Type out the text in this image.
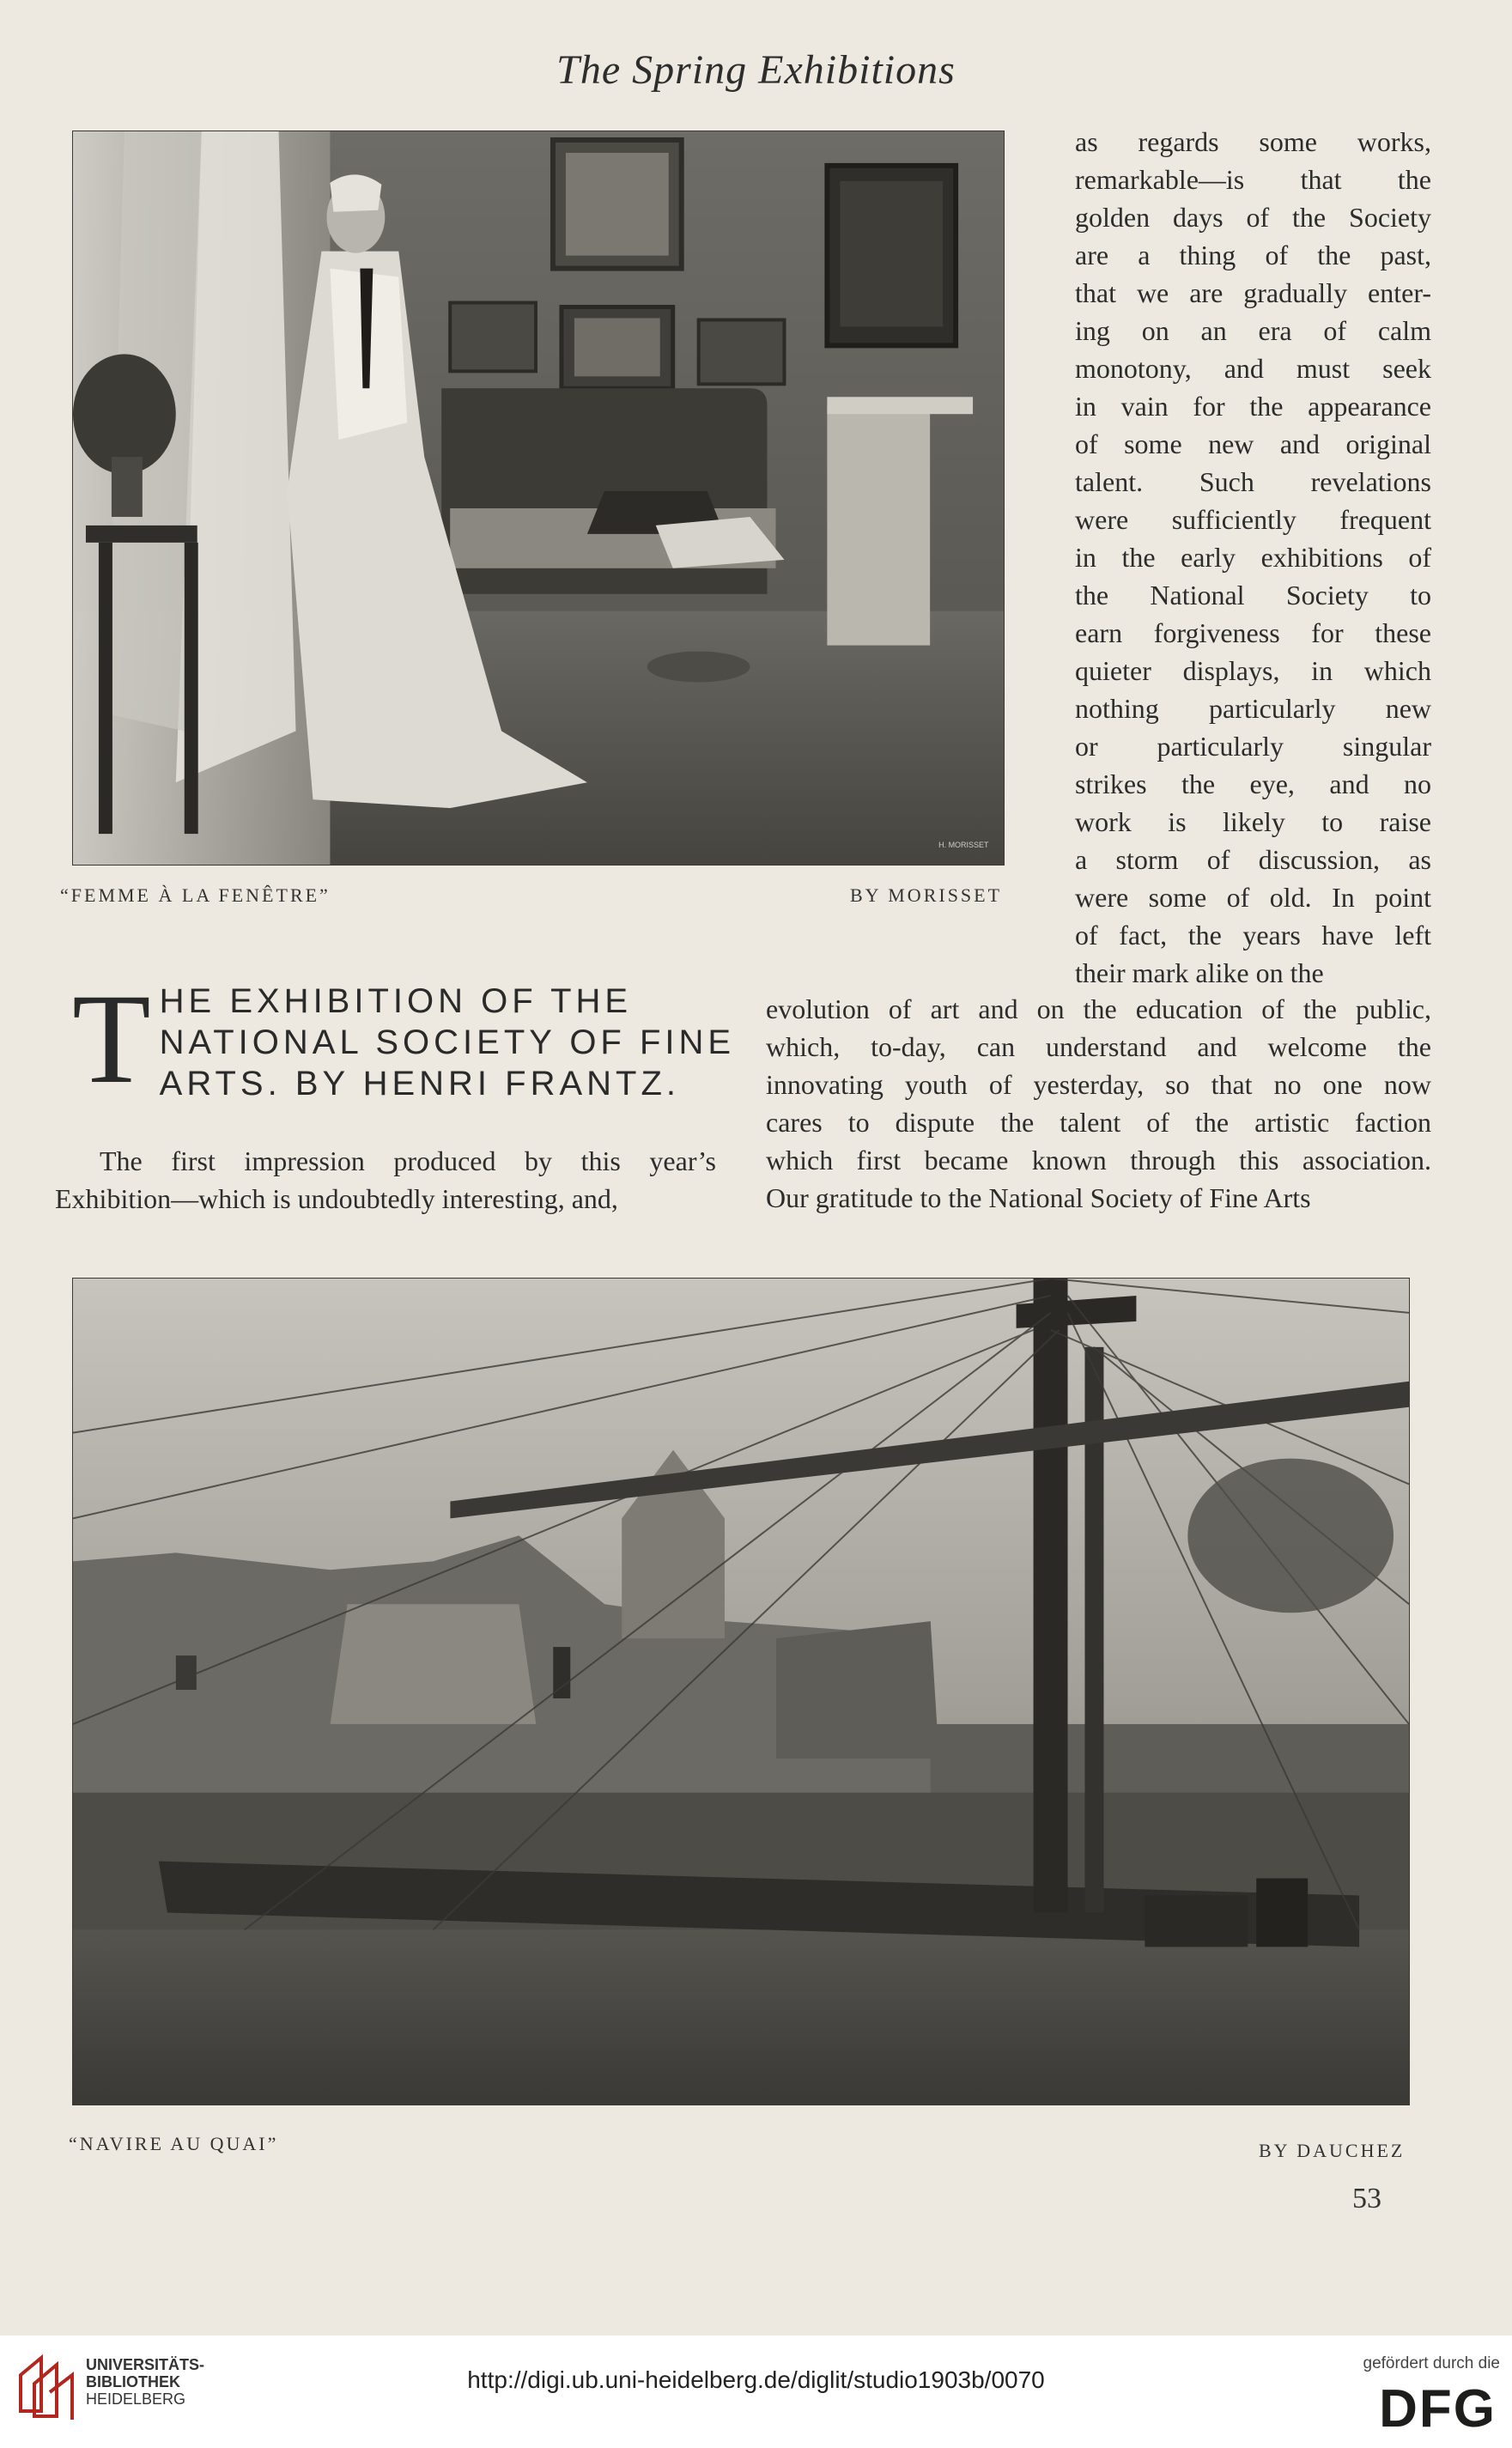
The Spring Exhibitions
H. MORISSET
“FEMME À LA FENÊTRE”	BY MORISSET
as regards some works,
remarkable—is that the
golden days of the Society
are a thing of the past,
that we are gradually enter-
ing on an era of calm
monotony, and must seek
in vain for the appearance
of some new and original
talent. Such revelations
were sufficiently frequent
in the early exhibitions of
the National Society to
earn forgiveness for these
quieter displays, in which
nothing particularly new
or particularly singular
strikes the eye, and no
work is likely to raise
a storm of discussion, as
were some of old. In point
of fact, the years have left
their mark alike on the
evolution of art and on the education of the public,
which, to-day, can understand and welcome the
innovating youth of yesterday, so that no one now
cares to dispute the talent of the artistic faction
which first became known through this association.
Our gratitude to the National Society of Fine Arts
T HE EXHIBITION OF THE NATIONAL SOCIETY OF FINE ARTS. BY HENRI FRANTZ.
The first impression produced by this year’s
Exhibition—which is undoubtedly interesting, and,
“NAVIRE AU QUAI”	BY DAUCHEZ
53
UNIVERSITÄTS-
BIBLIOTHEK
HEIDELBERG
http://digi.ub.uni-heidelberg.de/diglit/studio1903b/0070
gefördert durch die
DFG
